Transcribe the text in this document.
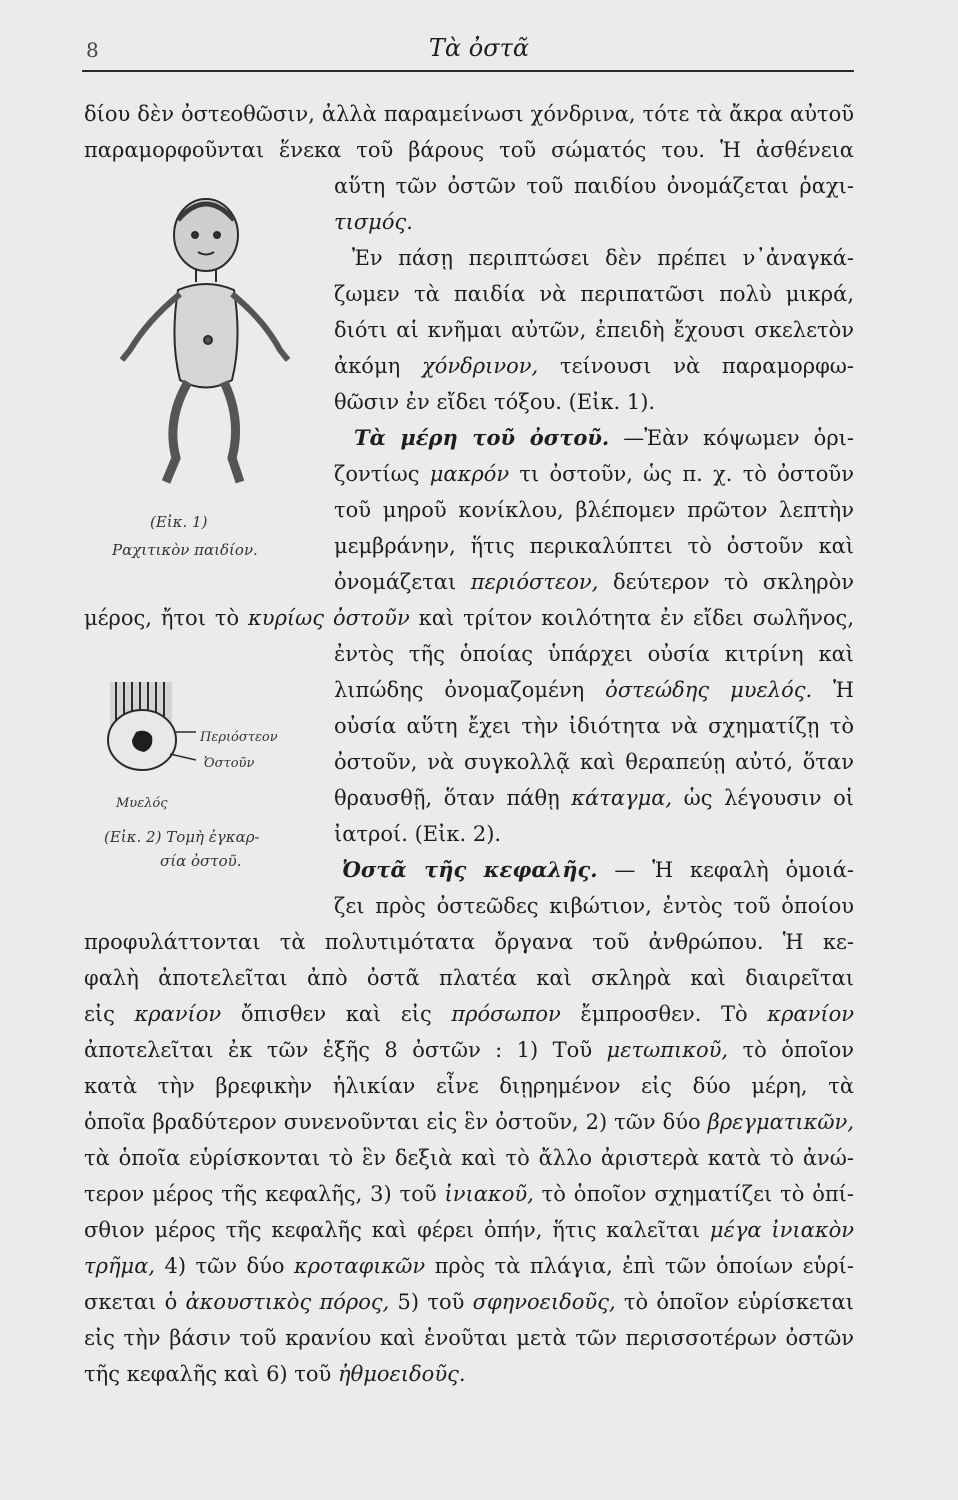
8	Τὰ ὀστᾶ
(Εἰκ. 1)
Ραχιτικὸν παιδίον.
Περιόστεον
Ὀστοῦν
Μυελός
(Εἰκ. 2) Τομὴ ἐγκαρ-
σία ὀστοῦ.
δίου δὲν ὀστεοθῶσιν, ἀλλὰ παραμείνωσι χόνδρινα, τότε τὰ ἄκρα αὐτοῦ
παραμορφοῦνται ἕνεκα τοῦ βάρους τοῦ σώματός του. Ἡ ἀσθένεια
αὕτη τῶν ὀστῶν τοῦ παιδίου ὀνομάζεται ῥαχι-
τισμός.
Ἐν πάσῃ περιπτώσει δὲν πρέπει ν᾿ἀναγκά-
ζωμεν τὰ παιδία νὰ περιπατῶσι πολὺ μικρά,
διότι αἱ κνῆμαι αὐτῶν, ἐπειδὴ ἔχουσι σκελετὸν
ἀκόμη χόνδρινον, τείνουσι νὰ παραμορφω-
θῶσιν ἐν εἴδει τόξου. (Εἰκ. 1).
Τὰ μέρη τοῦ ὀστοῦ. —Ἐὰν κόψωμεν ὁρι-
ζοντίως μακρόν τι ὀστοῦν, ὡς π. χ. τὸ ὀστοῦν
τοῦ μηροῦ κονίκλου, βλέπομεν πρῶτον λεπτὴν
μεμβράνην, ἥτις περικαλύπτει τὸ ὀστοῦν καὶ
ὀνομάζεται περιόστεον, δεύτερον τὸ σκληρὸν
μέρος, ἤτοι τὸ κυρίως ὀστοῦν καὶ τρίτον κοιλότητα ἐν εἴδει σωλῆνος,
ἐντὸς τῆς ὁποίας ὑπάρχει οὐσία κιτρίνη καὶ
λιπώδης ὀνομαζομένη ὀστεώδης μυελός. Ἡ
οὐσία αὕτη ἔχει τὴν ἰδιότητα νὰ σχηματίζῃ τὸ
ὀστοῦν, νὰ συγκολλᾷ καὶ θεραπεύῃ αὐτό, ὅταν
θραυσθῇ, ὅταν πάθῃ κάταγμα, ὡς λέγουσιν οἱ
ἰατροί. (Εἰκ. 2).
Ὀστᾶ τῆς κεφαλῆς. — Ἡ κεφαλὴ ὁμοιά-
ζει πρὸς ὀστεῶδες κιβώτιον, ἐντὸς τοῦ ὁποίου
προφυλάττονται τὰ πολυτιμότατα ὄργανα τοῦ ἀνθρώπου. Ἡ κε-
φαλὴ ἀποτελεῖται ἀπὸ ὀστᾶ πλατέα καὶ σκληρὰ καὶ διαιρεῖται
εἰς κρανίον ὄπισθεν καὶ εἰς πρόσωπον ἔμπροσθεν. Τὸ κρανίον
ἀποτελεῖται ἐκ τῶν ἑξῆς 8 ὀστῶν : 1) Τοῦ μετωπικοῦ, τὸ ὁποῖον
κατὰ τὴν βρεφικὴν ἡλικίαν εἶνε διῃρημένον εἰς δύο μέρη, τὰ
ὁποῖα βραδύτερον συνενοῦνται εἰς ἓν ὀστοῦν, 2) τῶν δύο βρεγματικῶν,
τὰ ὁποῖα εὑρίσκονται τὸ ἓν δεξιὰ καὶ τὸ ἄλλο ἀριστερὰ κατὰ τὸ ἀνώ-
τερον μέρος τῆς κεφαλῆς, 3) τοῦ ἰνιακοῦ, τὸ ὁποῖον σχηματίζει τὸ ὀπί-
σθιον μέρος τῆς κεφαλῆς καὶ φέρει ὀπήν, ἥτις καλεῖται μέγα ἰνιακὸν
τρῆμα, 4) τῶν δύο κροταφικῶν πρὸς τὰ πλάγια, ἐπὶ τῶν ὁποίων εὑρί-
σκεται ὁ ἀκουστικὸς πόρος, 5) τοῦ σφηνοειδοῦς, τὸ ὁποῖον εὑρίσκεται
εἰς τὴν βάσιν τοῦ κρανίου καὶ ἑνοῦται μετὰ τῶν περισσοτέρων ὀστῶν
τῆς κεφαλῆς καὶ 6) τοῦ ἠθμοειδοῦς.
